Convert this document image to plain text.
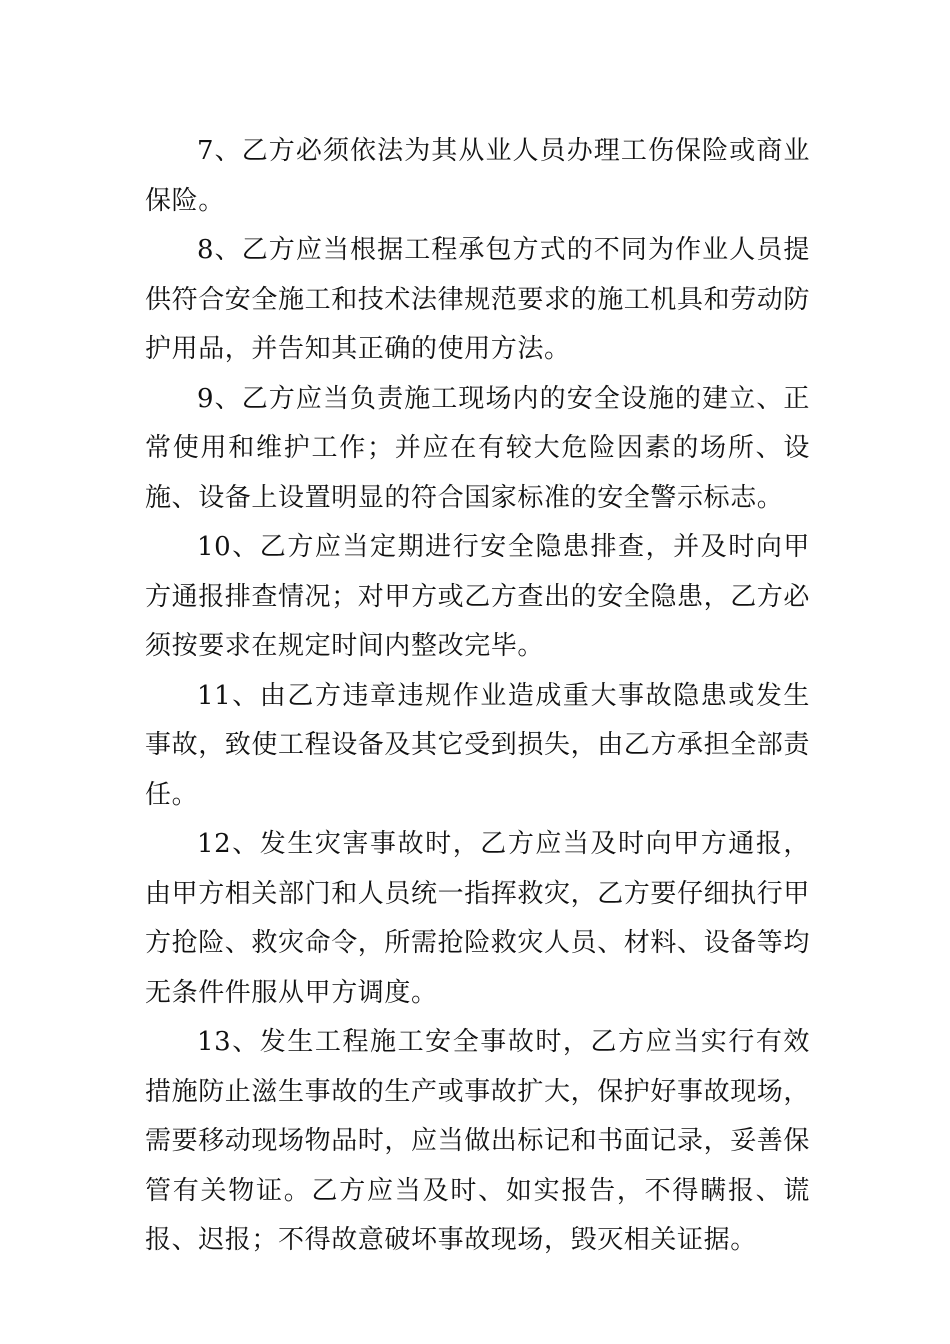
7、乙方必须依法为其从业人员办理工伤保险或商业保险。

8、乙方应当根据工程承包方式的不同为作业人员提供符合安全施工和技术法律规范要求的施工机具和劳动防护用品，并告知其正确的使用方法。

9、乙方应当负责施工现场内的安全设施的建立、正常使用和维护工作；并应在有较大危险因素的场所、设施、设备上设置明显的符合国家标准的安全警示标志。

10、乙方应当定期进行安全隐患排查，并及时向甲方通报排查情况；对甲方或乙方查出的安全隐患，乙方必须按要求在规定时间内整改完毕。

11、由乙方违章违规作业造成重大事故隐患或发生事故，致使工程设备及其它受到损失，由乙方承担全部责任。

12、发生灾害事故时，乙方应当及时向甲方通报，由甲方相关部门和人员统一指挥救灾，乙方要仔细执行甲方抢险、救灾命令，所需抢险救灾人员、材料、设备等均无条件件服从甲方调度。

13、发生工程施工安全事故时，乙方应当实行有效措施防止滋生事故的生产或事故扩大，保护好事故现场，需要移动现场物品时，应当做出标记和书面记录，妥善保管有关物证。乙方应当及时、如实报告，不得瞒报、谎报、迟报；不得故意破坏事故现场，毁灭相关证据。
